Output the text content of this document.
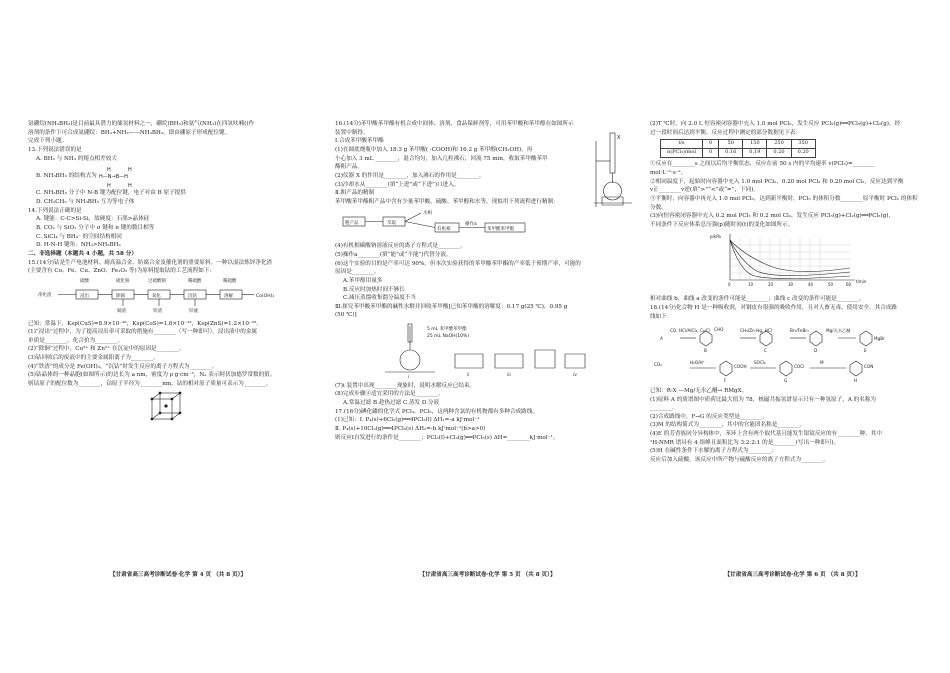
氨硼烷(NH₃BH₃)是目前最具潜力的储氢材料之一，硼烷(BH₃)和氨气(NH₃)在四氢呋喃()作
溶剂的条件下可合成氨硼烷：BH₃+NH₃——NH₃BH₃，即由硼原子形成配位键。
完成下列小题。
13.下列说法错误的是
A. BH₃ 与 NH₃ 的熔点相差较大
B. NH₃BH₃ 的结构式为
H	H
H—N→B—H
H	H
C. NH₃BH₃ 分子中 N-B 键为配位键，电子对由 B 原子提供
D. CH₃CH₃ 与 NH₃BH₃ 互为等电子体
14.下列说法正确的是
A. 键能：C-C>Si-Si，故硬度：石墨>晶体硅
B. CO₂ 与 SiO₂ 分子中 σ 键和 π 键的数目相等
C. SiCl₄ 与 BH₄⁻ 的空间结构相同
D. H-N-H 键角：NH₃>NH₃BH₃
二、非选择题（本题共 4 小题，共 58 分）
15.(14分)钴是生产电池材料、耐高温合金、防腐合金及催化剂的重要原料。一种以湿法炼锌净化渣
(主要含有 Co、Fe、Cu、ZnO、Fe₂O₃ 等)为原料提取钴的工艺流程如下：
硫酸	硫化钠	过硫酸钠	稀硫酸	稀硫酸
净化渣	浸出	除铜	氧化	沉钴	溶解	Co(OH)₂
铜渣	铁渣	锌液
已知：常温下，Ksp(CuS)=8.9×10⁻³⁶，Ksp(CoS)=1.8×10⁻²²，Ksp(ZnS)=1.2×10⁻²²。
(1)“浸出”过程中，为了提高浸出率可采取的措施有________（写一种即可）。浸出液中的金属
单质是________，化合价为________。
(2)“除铜”过程中，Cu²⁺ 和 Zn²⁺ 在沉淀中的原因是________。
(3)钴回收后的废液中的主要金属阳离子为________。
(4)“铁渣”的成分是 Fe(OH)₃，“沉钴”时发生反应的离子方程式为________。
(5)钴晶体的一种晶胞(如图所示)的边长为 a nm，密度为 ρ g·cm⁻³，Nₐ 表示阿伏加德罗常数的值。
则钴原子的配位数为________，钴原子半径为________nm，钴的相对原子质量可表示为________。
【甘肃省高三高考诊断试卷·化学 第 4 页 （共 8 页）】
16.(14分)苯甲酸苯甲酯有机合成中间体、溶剂、食品保鲜剂等，可用苯甲酸和苯甲醇在如图所示
装置中制得。
Ⅰ.合成苯甲酸苯甲酯
(1)在圆底烧瓶中加入 18.3 g 苯甲酸( -COOH)和 16.2 g 苯甲醇(CH₂OH)，再
小心加入 3 mL ________，混合均匀，加入几粒沸石，回流 75 min，收取苯甲酸苯甲
酯粗产品。
(2)仪器 X 的作用是________，加入沸石的作用是________。
(3)冷却水从________(填“上进”或“下进”)口进入。
X
Ⅱ.粗产品的精制
苯甲酸苯甲酯粗产品中含有少量苯甲酸、硫酸、苯甲醇和水等，现拟用下列流程进行精制：
粗产品	萃取
水相
有机相
操作a
苯甲酸苯甲酯
(4)有机相碳酸钠溶液反应的离子方程式是________。
(5)操作a________(填“能”或“不能”)代替分液。
(6)这个实验的目的是产率可达 90%，但本次实验获得的苯甲酸苯甲酯的产率低于预期产率，可能的
原因是________。
A.苯甲醇用量多
B.反应时加热时间不够长
C.减压蒸馏收集馏分温度不当
Ⅲ.探究苯甲酸苯甲酯的碱性水解并回收苯甲酸[已知苯甲酸的溶解度：0.17 g(25 ℃)，0.95 g
(50 ℃)]
5 mL 苯甲酸苯甲酯
25 mL NaOH(10%)
i	ii	iii	iv
(7)i 装置中出现________现象时，说明水解反应已结束。
(8)完成步骤④适宜采用的方法是________。
A.常温过滤 B.趁热过滤 C.蒸发 D.分液
17.(16分)碘化磷的化学式 PCl₃，PCl₅，这两种含氯的有机物都有多种合成路线。
(1)已知：Ⅰ. P₄(s)+6Cl₂(g)══4PCl₃(l) ΔH₁=-a kJ·mol⁻¹
Ⅱ. P₄(s)+10Cl₂(g)══4PCl₅(s) ΔH₂=-b kJ·mol⁻¹(b>a>0)
则反应Ⅰ自发进行的条件是________；PCl₃(l)+Cl₂(g)══PCl₅(s) ΔH=________kJ·mol⁻¹。
【甘肃省高三高考诊断试卷·化学 第 5 页 （共 8 页）】
(2)T ℃时，向 2.0 L 恒容密闭容器中充入 1.0 mol PCl₅，发生反应 PCl₅(g)══PCl₃(g)+Cl₂(g)，经
过一段时间后达到平衡。反应过程中测定的部分数据见下表：
t/s	0	50	150	250	350
n(PCl₃)/mol	0	0.16	0.19	0.20	0.20
①反应在________s 之间以后均平衡状态，反应在前 50 s 内的平均速率 v(PCl₃)=________
mol·L⁻¹·s⁻¹。
②相同温度下，起始时向容器中充入 1.0 mol PCl₅、0.20 mol PCl₃ 和 0.20 mol Cl₂，反应达到平衡
v正________v逆(填“>”“<”或“=”，下同)。
③平衡时，向容器中再充入 1.0 mol PCl₅，达到新平衡时，PCl₅ 的体积分数________原平衡时 PCl₅ 的体积
分数。
(3)向恒容密闭容器中充入 0.2 mol PCl₅ 和 0.2 mol Cl₂，发生反应 PCl₅(g)+Cl₂(g)══PCl₃(g)，
不同条件下反应体系总压强(p)随时间(t)的变化如图所示。
p/kPa
t/min
0	10	20	30	40	50	60
相对曲线 b，曲线 a 改变的条件可能是________；曲线 c 改变的条件可能是________。
18.(14分)化合物 H 是一种吸收剂，对钢皮有很强的吸收作用，且对人畜无毒，使用安全。其合成路
线如下：
A
CO, HCl/AlCl₃, CuCl CHO
B
CH₃/Zn-Hg, HCl
C
Br₂/FeBr₃
D
Mg/无水乙醚
MgBr
E
CO₂	H₂O/H⁺
COOH
F
SOCl₂
COCl
G
M
CON
H
已知：R-X —Mg/无水乙醚→ RMgX。
(1)原料 A 的质谱图中质荷比最大值为 78，核磁共振氢谱显示只有一种氢原子，A 的名称为
________。
(2)合成路线中，F→G 的反应类型是________。
(3)M 的结构简式为________，其中的官能团名称是________。
(4)E 的芳香族同分异构体中，苯环上含有两个取代基且能发生银镜反应的有________种，其中
¹H-NMR 谱具有 4 组峰且面积比为 3:2:2:1 的是________(写出一种即可)。
(5)H 在碱性条件下水解的离子方程式为________；
反应后加入硫酸，该反应中所产物与硫酸反应的离子方程式为________。
【甘肃省高三高考诊断试卷·化学 第 6 页 （共 8 页）】
